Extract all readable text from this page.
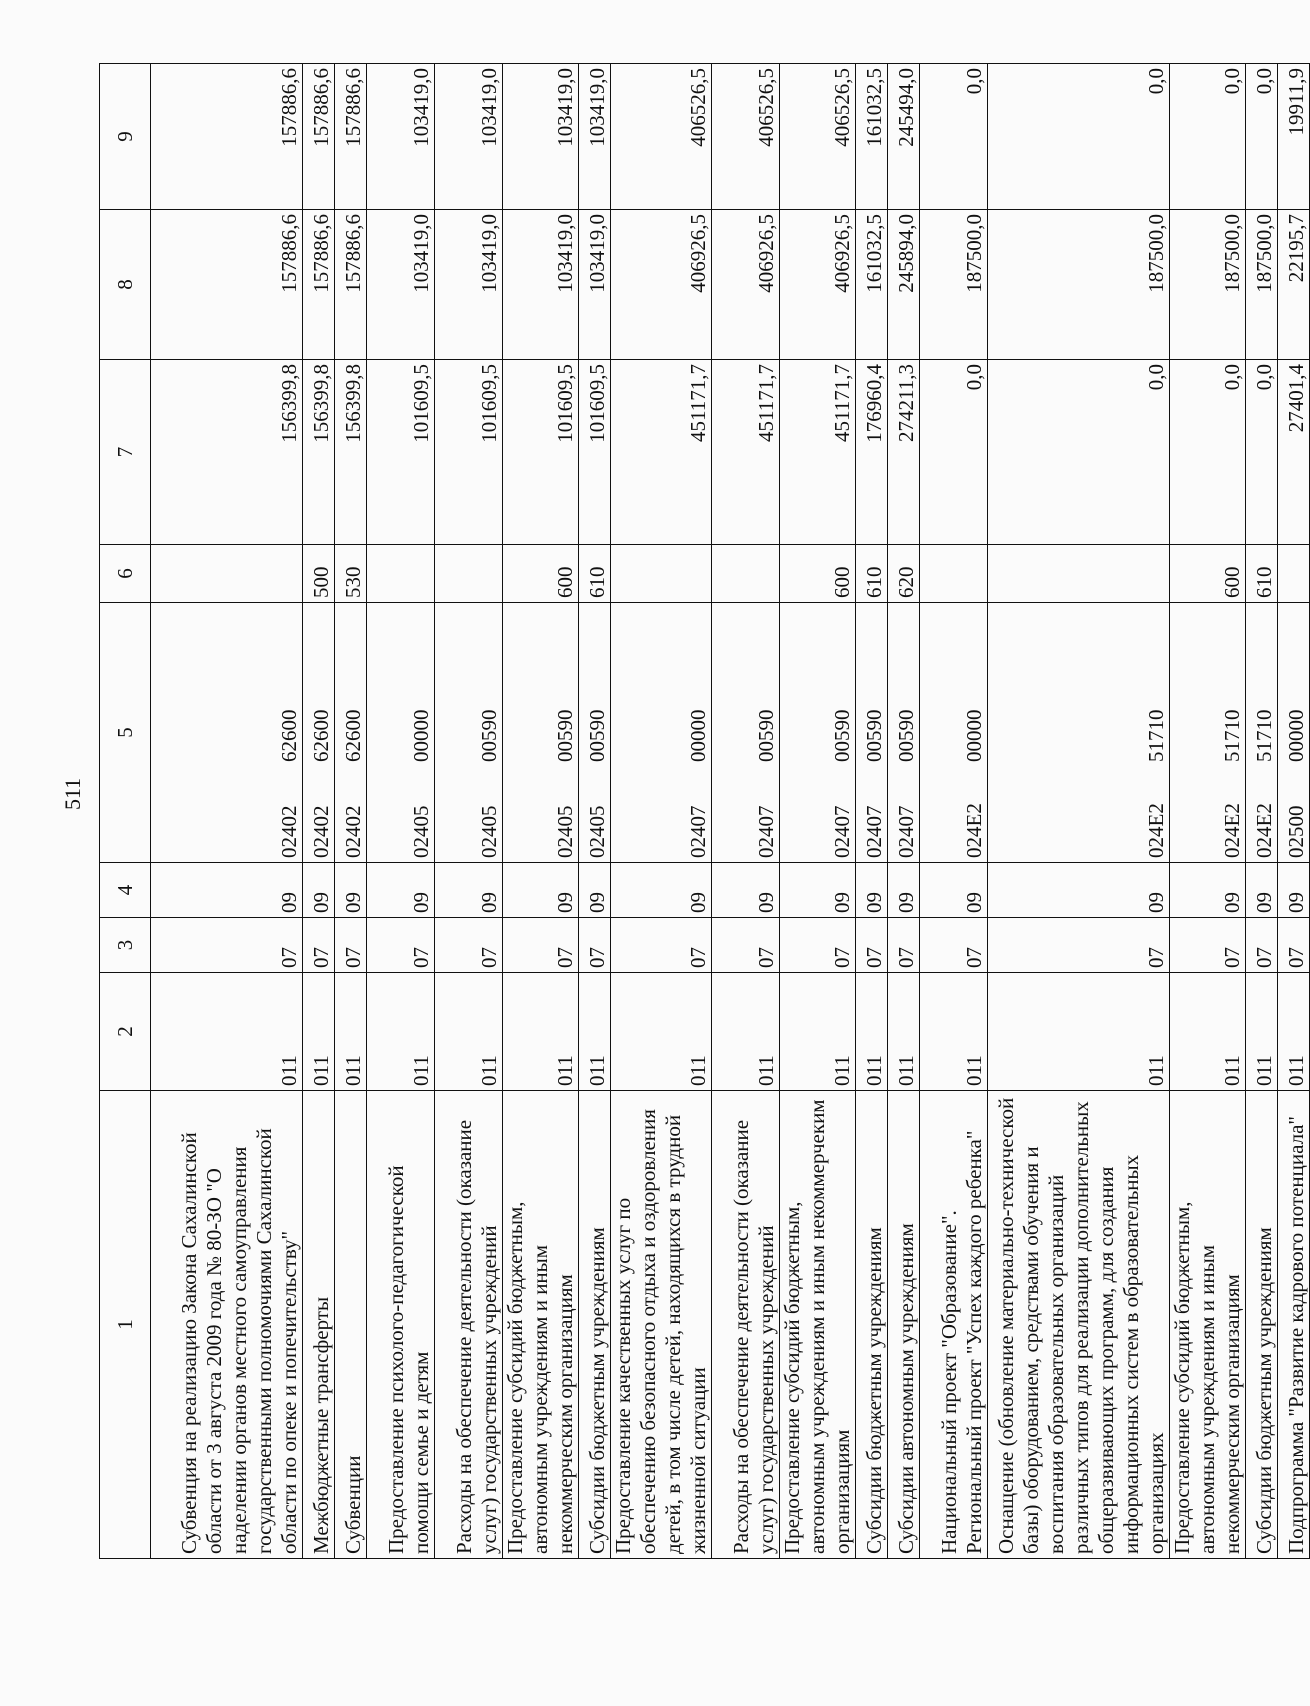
511
1	2	3	4	5	6	7	8	9
Субвенция на реализацию Закона Сахалинской области от 3 августа 2009 года № 80-ЗО "О наделении органов местного самоуправления государственными полномочиями Сахалинской области по опеке и попечительству"	011	07	09	0240262600		156399,8	157886,6	157886,6
Межбюджетные трансферты	011	07	09	0240262600	500	156399,8	157886,6	157886,6
Субвенции	011	07	09	0240262600	530	156399,8	157886,6	157886,6
Предоставление психолого-педагогической помощи семье и детям	011	07	09	0240500000		101609,5	103419,0	103419,0
Расходы на обеспечение деятельности (оказание услуг) государственных учреждений	011	07	09	0240500590		101609,5	103419,0	103419,0
Предоставление субсидий бюджетным, автономным учреждениям и иным некоммерческим организациям	011	07	09	0240500590	600	101609,5	103419,0	103419,0
Субсидии бюджетным учреждениям	011	07	09	0240500590	610	101609,5	103419,0	103419,0
Предоставление качественных услуг по обеспечению безопасного отдыха и оздоровления детей, в том числе детей, находящихся в трудной жизненной ситуации	011	07	09	0240700000		451171,7	406926,5	406526,5
Расходы на обеспечение деятельности (оказание услуг) государственных учреждений	011	07	09	0240700590		451171,7	406926,5	406526,5
Предоставление субсидий бюджетным, автономным учреждениям и иным некоммерчеким организациям	011	07	09	0240700590	600	451171,7	406926,5	406526,5
Субсидии бюджетным учреждениям	011	07	09	0240700590	610	176960,4	161032,5	161032,5
Субсидии автономным учреждениям	011	07	09	0240700590	620	274211,3	245894,0	245494,0
Национальный проект "Образование". Региональный проект "Успех каждого ребенка"	011	07	09	024E200000		0,0	187500,0	0,0
Оснащение (обновление материально-технической базы) оборудованием, средствами обучения и воспитания образовательных организаций различных типов для реализации дополнительных общеразвивающих программ, для создания информационных систем в образовательных организациях	011	07	09	024E251710		0,0	187500,0	0,0
Предоставление субсидий бюджетным, автономным учреждениям и иным некоммерческим организациям	011	07	09	024E251710	600	0,0	187500,0	0,0
Субсидии бюджетным учреждениям	011	07	09	024E251710	610	0,0	187500,0	0,0
Подпрограмма "Развитие кадрового потенциала"	011	07	09	0250000000		27401,4	22195,7	19911,9
